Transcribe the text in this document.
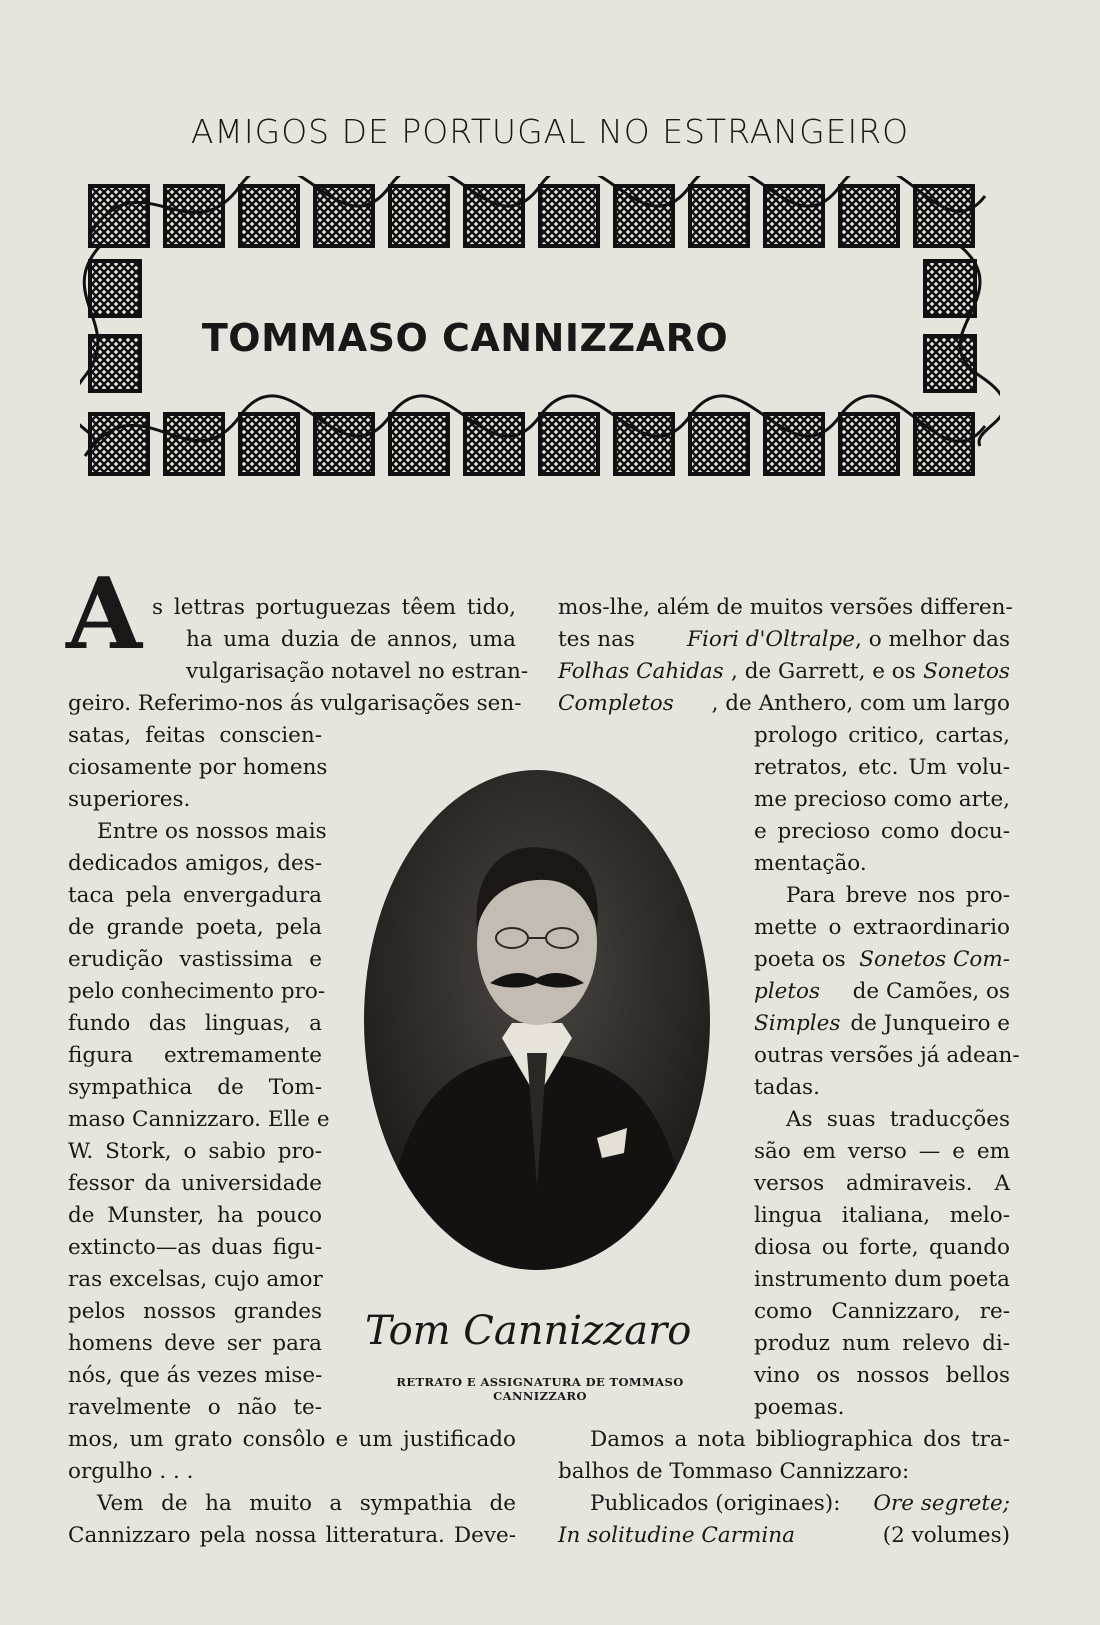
AMIGOS DE PORTUGAL NO ESTRANGEIRO
TOMMASO CANNIZZARO
A s lettras portuguezas têem tido,
ha uma duzia de annos, uma
vulgarisação notavel no estran-
geiro. Referimo-nos ás vulgarisações sen-
satas, feitas conscien-
ciosamente por homens
superiores.
Entre os nossos mais
dedicados amigos, des-
taca pela envergadura
de grande poeta, pela
erudição vastissima e
pelo conhecimento pro-
fundo das linguas, a
figura extremamente
sympathica de Tom-
maso Cannizzaro. Elle e
W. Stork, o sabio pro-
fessor da universidade
de Munster, ha pouco
extincto—as duas figu-
ras excelsas, cujo amor
pelos nossos grandes
homens deve ser para
nós, que ás vezes mise-
ravelmente o não te-
mos, um grato consôlo e um justificado
orgulho . . .
Vem de ha muito a sympathia de
Cannizzaro pela nossa litteratura. Deve-
mos-lhe, além de muitos versões differen-
tes nas Fiori d'Oltralpe, o melhor das
Folhas Cahidas , de Garrett, e os Sonetos
Completos , de Anthero, com um largo
prologo critico, cartas,
retratos, etc. Um volu-
me precioso como arte,
e precioso como docu-
mentação.
Para breve nos pro-
mette o extraordinario
poeta os Sonetos Com-
pletos de Camões, os
Simples de Junqueiro e
outras versões já adean-
tadas.
As suas traducções
são em verso — e em
versos admiraveis. A
lingua italiana, melo-
diosa ou forte, quando
instrumento dum poeta
como Cannizzaro, re-
produz num relevo di-
vino os nossos bellos
poemas.
Damos a nota bibliographica dos tra-
balhos de Tommaso Cannizzaro:
Publicados (originaes): Ore segrete;
In solitudine Carmina	(2 volumes)
Tom Cannizzaro
RETRATO E ASSIGNATURA DE TOMMASO CANNIZZARO
